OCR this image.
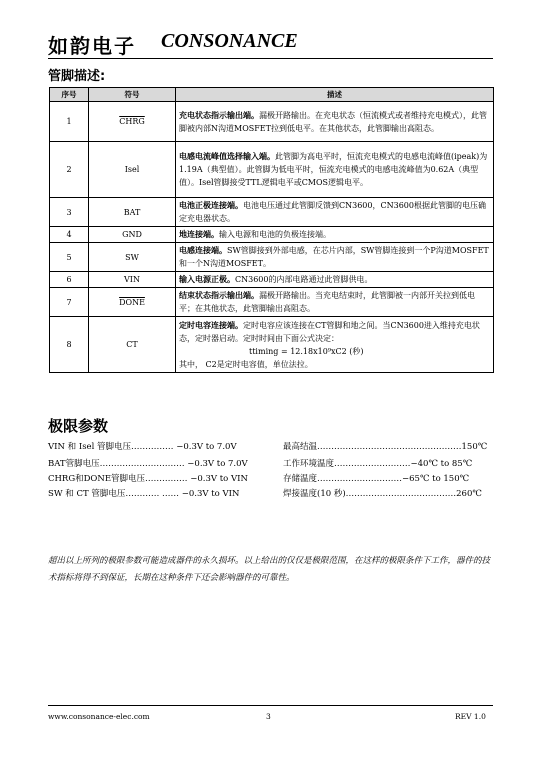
如韵电子 CONSONANCE
管脚描述:
序号	符号	描述
1	CHRG	充电状态指示输出端。漏极开路输出。在充电状态（恒流模式或者维持充电模式），此管脚被内部N沟道MOSFET拉到低电平。在其他状态，此管脚输出高阻态。
2	Isel	电感电流峰值选择输入端。此管脚为高电平时，恒流充电模式的电感电流峰值(ipeak)为1.19A（典型值）。此管脚为低电平时，恒流充电模式的电感电流峰值为0.62A（典型值）。Isel管脚接受TTL逻辑电平或CMOS逻辑电平。
3	BAT	电池正极连接端。电池电压通过此管脚反馈到CN3600，CN3600根据此管脚的电压确定充电器状态。
4	GND	地连接端。输入电源和电池的负极连接端。
5	SW	电感连接端。SW管脚接到外部电感，在芯片内部，SW管脚连接到一个P沟道MOSFET和一个N沟道MOSFET。
6	VIN	输入电源正极。CN3600的内部电路通过此管脚供电。
7	DONE	结束状态指示输出端。漏极开路输出。当充电结束时，此管脚被一内部开关拉到低电平；在其他状态，此管脚输出高阻态。
8	CT	定时电容连接端。定时电容应该连接在CT管脚和地之间。当CN3600进入维持充电状态，定时器启动。定时时间由下面公式决定：
ttiming = 12.18x10⁹xC2 (秒)
其中， C2是定时电容值，单位法拉。
极限参数
VIN 和 Isel 管脚电压…………… −0.3V to 7.0V
BAT管脚电压………………………… −0.3V to 7.0V
CHRG和DONE管脚电压…………… −0.3V to VIN
SW 和 CT 管脚电压………… …… −0.3V to VIN
最高结温……………………………………………150℃
工作环境温度………………………−40℃ to 85℃
存储温度…………………………−65℃ to 150℃
焊接温度(10 秒)…………………………………260℃
超出以上所列的极限参数可能造成器件的永久损坏。以上给出的仅仅是极限范围，在这样的极限条件下工作，器件的技术指标将得不到保证，长期在这种条件下还会影响器件的可靠性。
www.consonance-elec.com	3	REV 1.0
